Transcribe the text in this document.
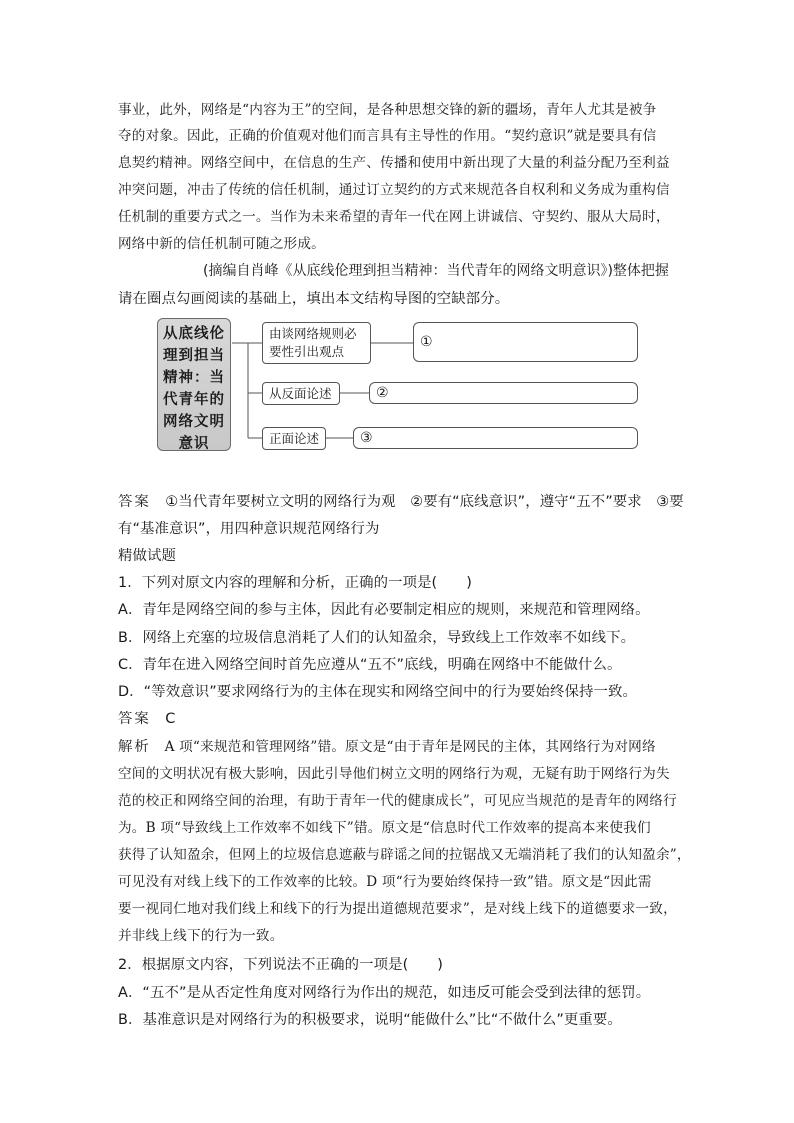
事业，此外，网络是“内容为王”的空间，是各种思想交锋的新的疆场，青年人尤其是被争

夺的对象。因此，正确的价值观对他们而言具有主导性的作用。“契约意识”就是要具有信

息契约精神。网络空间中，在信息的生产、传播和使用中新出现了大量的利益分配乃至利益

冲突问题，冲击了传统的信任机制，通过订立契约的方式来规范各自权利和义务成为重构信

任机制的重要方式之一。当作为未来希望的青年一代在网上讲诚信、守契约、服从大局时，

网络中新的信任机制可随之形成。

(摘编自肖峰《从底线伦理到担当精神：当代青年的网络文明意识》)整体把握

请在圈点勾画阅读的基础上，填出本文结构导图的空缺部分。

从底线伦
理到担当
精神：当
代青年的
网络文明
意识
由谈网络规则必
要性引出观点
①
从反面论述	②
正面论述	③

答案　 ①当代青年要树立文明的网络行为观　②要有“底线意识”，遵守“五不”要求　③要

有“基准意识”，用四种意识规范网络行为

精做试题

1．下列对原文内容的理解和分析，正确的一项是(　　)

A．青年是网络空间的参与主体，因此有必要制定相应的规则，来规范和管理网络。

B．网络上充塞的垃圾信息消耗了人们的认知盈余，导致线上工作效率不如线下。

C．青年在进入网络空间时首先应遵从“五不”底线，明确在网络中不能做什么。

D．“等效意识”要求网络行为的主体在现实和网络空间中的行为要始终保持一致。

答案　 C

解析　 A 项“来规范和管理网络”错。原文是“由于青年是网民的主体，其网络行为对网络

空间的文明状况有极大影响，因此引导他们树立文明的网络行为观，无疑有助于网络行为失

范的校正和网络空间的治理，有助于青年一代的健康成长”，可见应当规范的是青年的网络行

为。B 项“导致线上工作效率不如线下”错。原文是“信息时代工作效率的提高本来使我们

获得了认知盈余，但网上的垃圾信息遮蔽与辟谣之间的拉锯战又无端消耗了我们的认知盈余”，

可见没有对线上线下的工作效率的比较。D 项“行为要始终保持一致”错。原文是“因此需

要一视同仁地对我们线上和线下的行为提出道德规范要求”，是对线上线下的道德要求一致，

并非线上线下的行为一致。

2．根据原文内容，下列说法不正确的一项是(　　)

A．“五不”是从否定性角度对网络行为作出的规范，如违反可能会受到法律的惩罚。

B．基准意识是对网络行为的积极要求，说明“能做什么”比“不做什么”更重要。
